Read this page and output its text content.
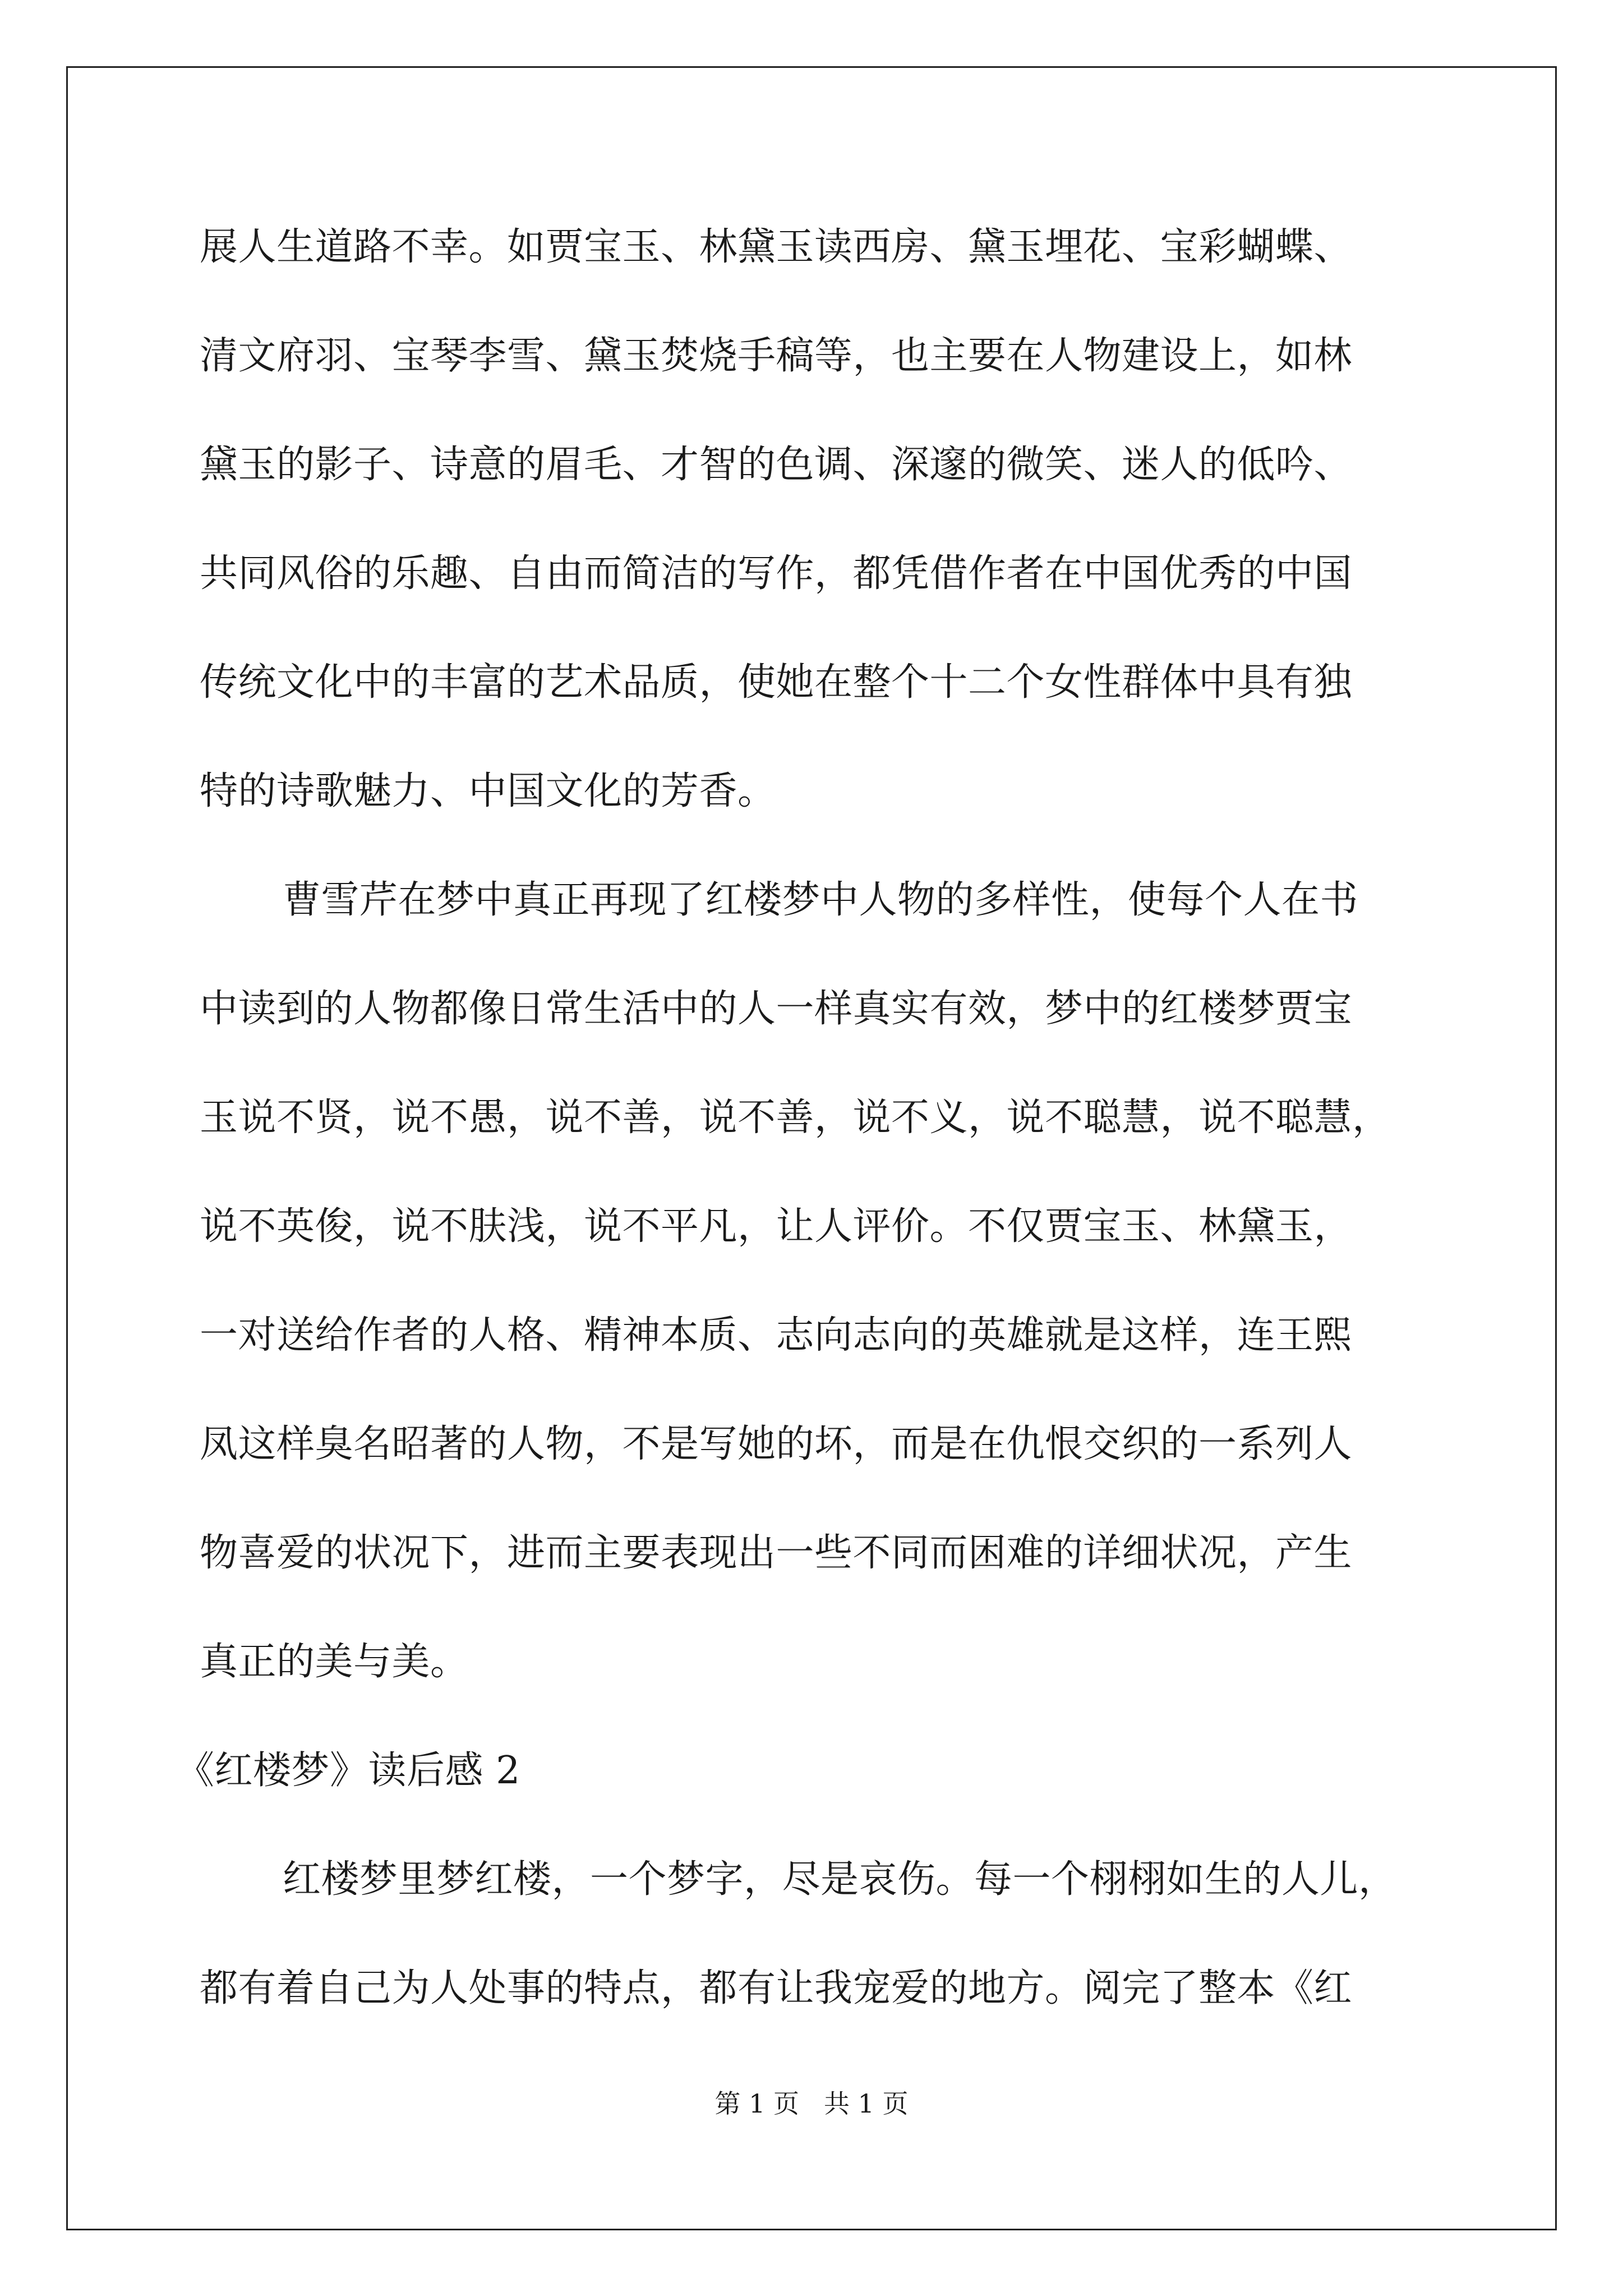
展人生道路不幸。如贾宝玉、林黛玉读西房、黛玉埋花、宝彩蝴蝶、
清文府羽、宝琴李雪、黛玉焚烧手稿等，也主要在人物建设上，如林
黛玉的影子、诗意的眉毛、才智的色调、深邃的微笑、迷人的低吟、
共同风俗的乐趣、自由而简洁的写作，都凭借作者在中国优秀的中国
传统文化中的丰富的艺术品质，使她在整个十二个女性群体中具有独
特的诗歌魅力、中国文化的芳香。
曹雪芹在梦中真正再现了红楼梦中人物的多样性，使每个人在书
中读到的人物都像日常生活中的人一样真实有效，梦中的红楼梦贾宝
玉说不贤，说不愚，说不善，说不善，说不义，说不聪慧，说不聪慧，
说不英俊，说不肤浅，说不平凡，让人评价。不仅贾宝玉、林黛玉，
一对送给作者的人格、精神本质、志向志向的英雄就是这样，连王熙
凤这样臭名昭著的人物，不是写她的坏，而是在仇恨交织的一系列人
物喜爱的状况下，进而主要表现出一些不同而困难的详细状况，产生
真正的美与美。
《红楼梦》读后感 2
红楼梦里梦红楼，一个梦字，尽是哀伤。每一个栩栩如生的人儿，
都有着自己为人处事的特点，都有让我宠爱的地方。阅完了整本《红
第 1 页 共 1 页
